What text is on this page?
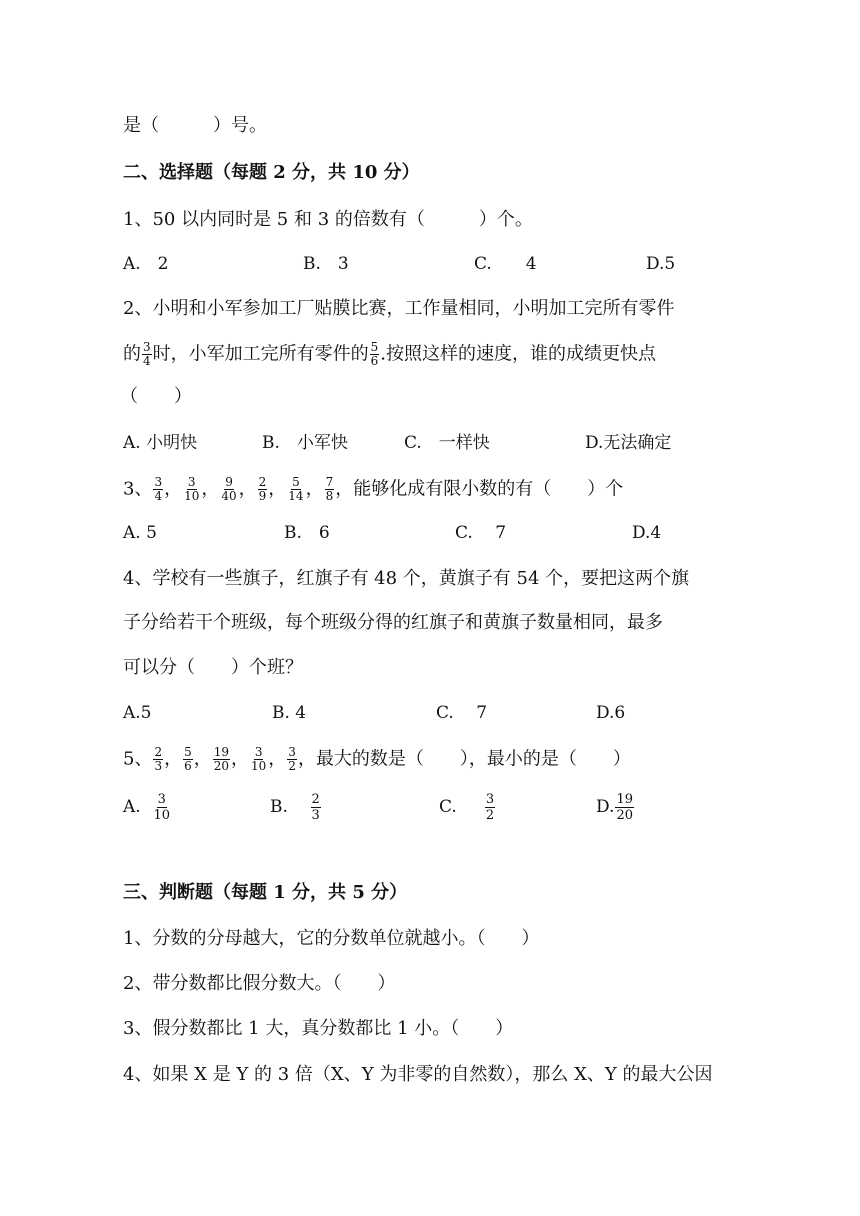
是（　　　）号。
二、选择题（每题 2 分，共 10 分）
1、50 以内同时是 5 和 3 的倍数有（　　　）个。
A.　2	B.　3	C.　　4	D.5
2、小明和小军参加工厂贴膜比赛，工作量相同，小明加工完所有零件
的 $\frac{3}{4}$ 时，小军加工完所有零件的 $\frac{5}{6}$ .按照这样的速度，谁的成绩更快点
（　　）
A. 小明快	B.　小军快	C.　一样快	D.无法确定
3、 $\frac{3}{4}$ ， $\frac{3}{10}$ ， $\frac{9}{40}$ ， $\frac{2}{9}$ ， $\frac{5}{14}$ ， $\frac{7}{8}$ ，能够化成有限小数的有（　　）个
A. 5	B.　6	C.　 7	D.4
4、学校有一些旗子，红旗子有 48 个，黄旗子有 54 个，要把这两个旗
子分给若干个班级，每个班级分得的红旗子和黄旗子数量相同，最多
可以分（　　）个班？
A.5	B. 4	C.　 7	D.6
5、 $\frac{2}{3}$ ， $\frac{5}{6}$ ， $\frac{19}{20}$ ， $\frac{3}{10}$ ， $\frac{3}{2}$ ，最大的数是（　　），最小的是（　　）
A. $\frac{3}{10}$	B. $\frac{2}{3}$	C. $\frac{3}{2}$	D. $\frac{19}{20}$
三、判断题（每题 1 分，共 5 分）
1、分数的分母越大，它的分数单位就越小。（　　）
2、带分数都比假分数大。（　　）
3、假分数都比 1 大，真分数都比 1 小。（　　）
4、如果 X 是 Y 的 3 倍（X、Y 为非零的自然数），那么 X、Y 的最大公因
